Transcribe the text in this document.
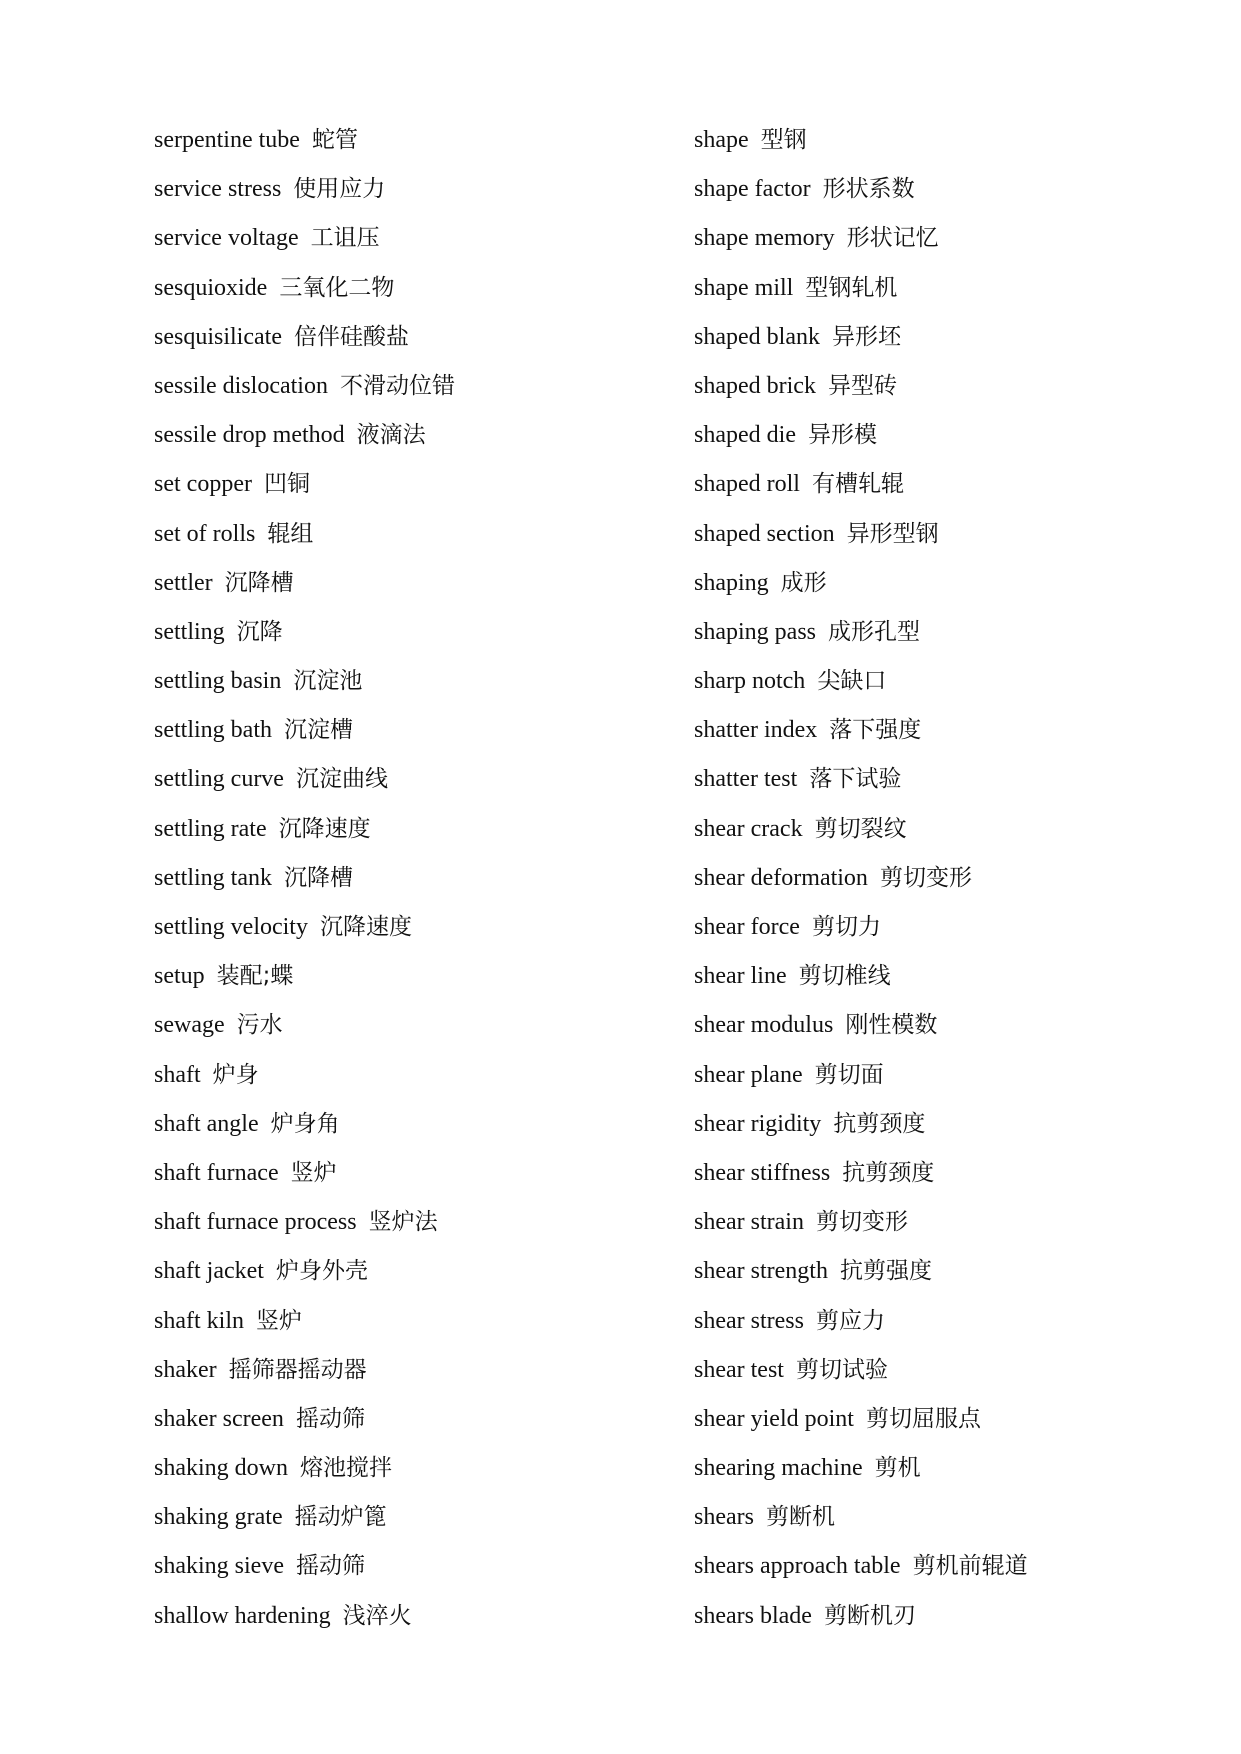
serpentine tube 蛇管
service stress 使用应力
service voltage 工诅压
sesquioxide 三氧化二物
sesquisilicate 倍伴硅酸盐
sessile dislocation 不滑动位错
sessile drop method 液滴法
set copper 凹铜
set of rolls 辊组
settler 沉降槽
settling 沉降
settling basin 沉淀池
settling bath 沉淀槽
settling curve 沉淀曲线
settling rate 沉降速度
settling tank 沉降槽
settling velocity 沉降速度
setup 装配;蝶
sewage 污水
shaft 炉身
shaft angle 炉身角
shaft furnace 竖炉
shaft furnace process 竖炉法
shaft jacket 炉身外壳
shaft kiln 竖炉
shaker 摇筛器摇动器
shaker screen 摇动筛
shaking down 熔池搅拌
shaking grate 摇动炉篦
shaking sieve 摇动筛
shallow hardening 浅淬火
shape 型钢
shape factor 形状系数
shape memory 形状记忆
shape mill 型钢轧机
shaped blank 异形坯
shaped brick 异型砖
shaped die 异形模
shaped roll 有槽轧辊
shaped section 异形型钢
shaping 成形
shaping pass 成形孔型
sharp notch 尖缺口
shatter index 落下强度
shatter test 落下试验
shear crack 剪切裂纹
shear deformation 剪切变形
shear force 剪切力
shear line 剪切椎线
shear modulus 刚性模数
shear plane 剪切面
shear rigidity 抗剪颈度
shear stiffness 抗剪颈度
shear strain 剪切变形
shear strength 抗剪强度
shear stress 剪应力
shear test 剪切试验
shear yield point 剪切屈服点
shearing machine 剪机
shears 剪断机
shears approach table 剪机前辊道
shears blade 剪断机刃
